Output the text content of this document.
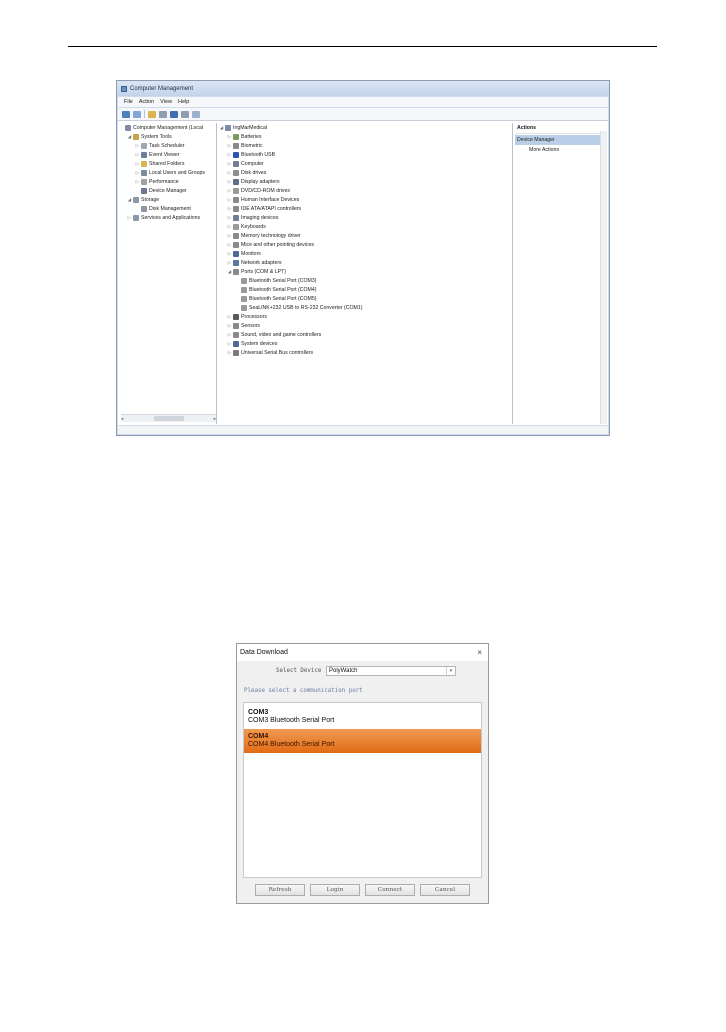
Computer Management
File Action View Help
Computer Management (Local
◢ System Tools
▷ Task Scheduler
▷ Event Viewer
▷ Shared Folders
▷ Local Users and Groups
▷ Performance
Device Manager
◢ Storage
Disk Management
▷ Services and Applications
◂	▸
◢ IngMarMedical
▷ Batteries
▷ Biometric
▷ Bluetooth USB
▷ Computer
▷ Disk drives
▷ Display adapters
▷ DVD/CD-ROM drives
▷ Human Interface Devices
▷ IDE ATA/ATAPI controllers
▷ Imaging devices
▷ Keyboards
▷ Memory technology driver
▷ Mice and other pointing devices
▷ Monitors
▷ Network adapters
◢ Ports (COM & LPT)
Bluetooth Serial Port (COM3)
Bluetooth Serial Port (COM4)
Bluetooth Serial Port (COM5)
SeaLINK+232 USB to RS-232 Converter (COM1)
▷ Processors
▷ Sensors
▷ Sound, video and game controllers
▷ System devices
▷ Universal Serial Bus controllers
Actions
Device Manager
More Actions
Data Download	×
Select Device PolyWatch	▾
Please select a communication port
COM3
COM3 Bluetooth Serial Port
COM4
COM4 Bluetooth Serial Port
Refresh	Login	Connect	Cancel
